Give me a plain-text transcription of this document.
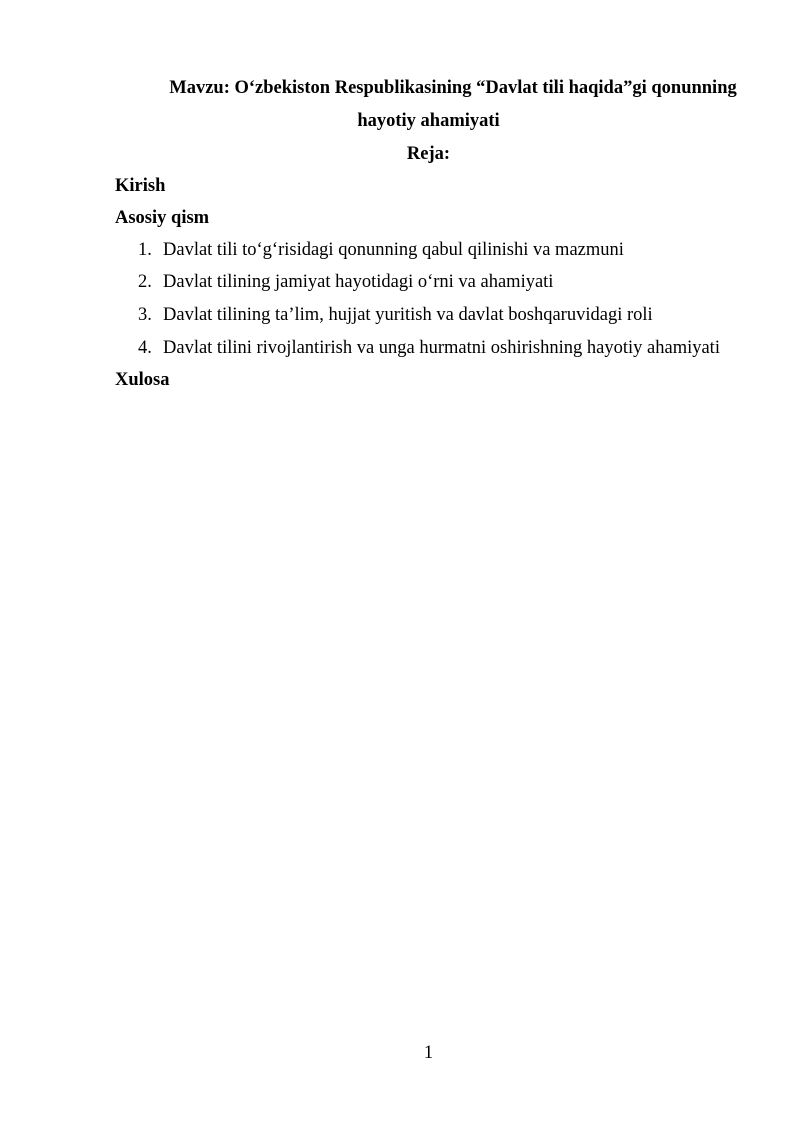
Mavzu: O‘zbekiston Respublikasining “Davlat tili haqida”gi qonunning
hayotiy ahamiyati
Reja:
Kirish
Asosiy qism
1. Davlat tili to‘g‘risidagi qonunning qabul qilinishi va mazmuni
2. Davlat tilining jamiyat hayotidagi o‘rni va ahamiyati
3. Davlat tilining ta’lim, hujjat yuritish va davlat boshqaruvidagi roli
4. Davlat tilini rivojlantirish va unga hurmatni oshirishning hayotiy ahamiyati
Xulosa
1
